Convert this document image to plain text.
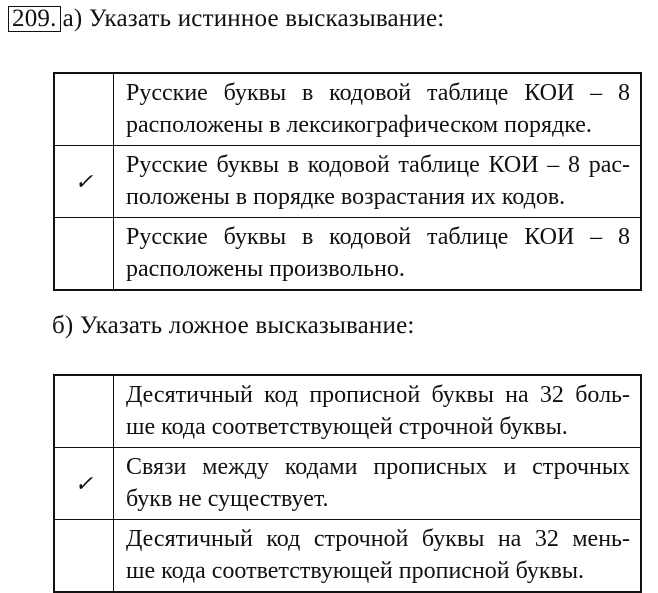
209. а) Указать истинное высказывание:
Русские буквы в кодовой таблице КОИ – 8
расположены в лексикографическом порядке.
✓
Русские буквы в кодовой таблице КОИ – 8 рас-
положены в порядке возрастания их кодов.
Русские буквы в кодовой таблице КОИ – 8
расположены произвольно.
б) Указать ложное высказывание:
Десятичный код прописной буквы на 32 боль-
ше кода соответствующей строчной буквы.
✓
Связи между кодами прописных и строчных
букв не существует.
Десятичный код строчной буквы на 32 мень-
ше кода соответствующей прописной буквы.
